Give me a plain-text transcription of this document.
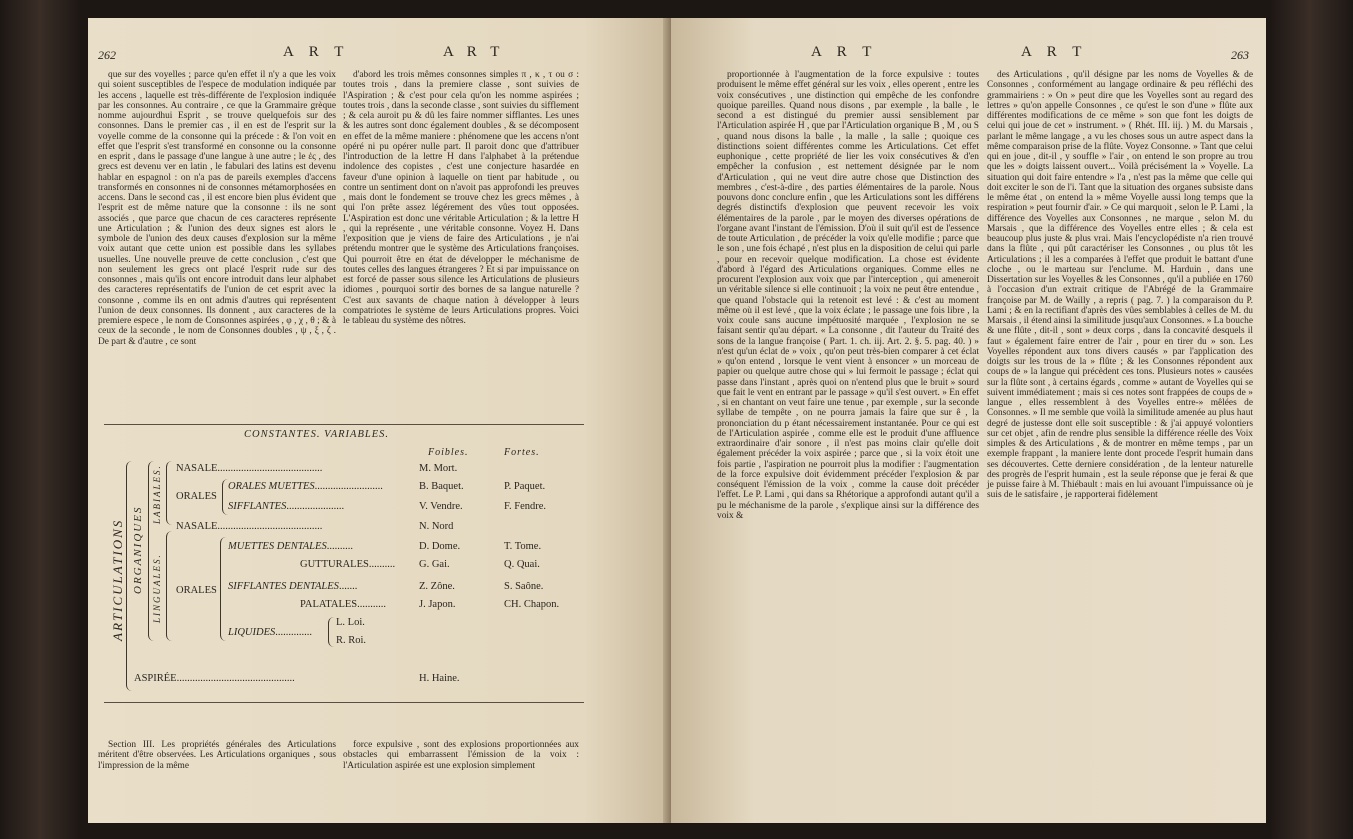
A R T	A R T
262

que sur des voyelles ; parce qu'en effet il n'y a que les voix qui soient susceptibles de l'espece de modulation indiquée par les accens , laquelle est très-différente de l'explosion indiquée par les consonnes. Au contraire , ce que la Grammaire grèque nomme aujourdhui Esprit , se trouve quelquefois sur des consonnes. Dans le premier cas , il en est de l'esprit sur la voyelle comme de la consonne qui la précede : & l'on voit en effet que l'esprit s'est transformé en consonne ou la consonne en esprit , dans le passage d'une langue à une autre ; le ἐς , des grecs est devenu ver en latin , le fabulari des latins est devenu hablar en espagnol : on n'a pas de pareils exemples d'accens transformés en consonnes ni de consonnes métamorphosées en accens. Dans le second cas , il est encore bien plus évident que l'esprit est de même nature que la consonne : ils ne sont associés , que parce que chacun de ces caracteres représente une Articulation ; & l'union des deux signes est alors le symbole de l'union des deux causes d'explosion sur la même voix autant que cette union est possible dans les syllabes usuelles. Une nouvelle preuve de cette conclusion , c'est que non seulement les grecs ont placé l'esprit rude sur des consonnes , mais qu'ils ont encore introduit dans leur alphabet des caracteres représentatifs de l'union de cet esprit avec la consonne , comme ils en ont admis d'autres qui représentent l'union de deux consonnes. Ils donnent , aux caracteres de la premiere espece , le nom de Consonnes aspirées , φ , χ , θ ; & à ceux de la seconde , le nom de Consonnes doubles , ψ , ξ , ζ . De part & d'autre , ce sont

d'abord les trois mêmes consonnes simples π , κ , τ ou σ : toutes trois , dans la premiere classe , sont suivies de l'Aspiration ; & c'est pour cela qu'on les nomme aspirées ; toutes trois , dans la seconde classe , sont suivies du sifflement ; & cela auroit pu & dû les faire nommer sifflantes. Les unes & les autres sont donc également doubles , & se décomposent en effet de la même maniere : phénomene que les accens n'ont opéré ni pu opérer nulle part. Il paroit donc que d'attribuer l'introduction de la lettre H dans l'alphabet à la prétendue indolence des copistes , c'est une conjecture hasardée en faveur d'une opinion à laquelle on tient par habitude , ou contre un sentiment dont on n'avoit pas approfondi les preuves , mais dont le fondement se trouve chez les grecs mêmes , à qui l'on prête assez légérement des vûes tout opposées. L'Aspiration est donc une véritable Articulation ; & la lettre H , qui la représente , une véritable consonne. Voyez H. Dans l'exposition que je viens de faire des Articulations , je n'ai prétendu montrer que le système des Articulations françoises. Qui pourroit être en état de développer le méchanisme de toutes celles des langues étrangeres ? Et si par impuissance on est forcé de passer sous silence les Articulations de plusieurs idiomes , pourquoi sortir des bornes de sa langue naturelle ? C'est aux savants de chaque nation à développer à leurs compatriotes le système de leurs Articulations propres. Voici le tableau du système des nôtres.

CONSTANTES. VARIABLES.
Foibles.	Fortes.
ARTICULATIONS ORGANIQUES
LABIALES.
LINGUALES.
NASALE........................................	M. Mort.
ORALES
ORALES MUETTES..........................	B. Baquet.	P. Paquet.
SIFFLANTES......................	V. Vendre.	F. Fendre.
NASALE........................................	N. Nord
ORALES
MUETTES DENTALES..........	D. Dome.	T. Tome.
GUTTURALES.......... G. Gai.	Q. Quai.
SIFFLANTES DENTALES.......	Z. Zône.	S. Saône.
PALATALES...........	J. Japon.	CH. Chapon.
LIQUIDES..............
L. Loi.
R. Roi.
ASPIRÉE.............................................	H. Haine.

Section III. Les propriétés générales des Articulations méritent d'être observées. Les Articulations organiques , sous l'impression de la même

force expulsive , sont des explosions proportionnées aux obstacles qui embarrassent l'émission de la voix : l'Articulation aspirée est une explosion simplement

A R T	A R T	263

proportionnée à l'augmentation de la force expulsive : toutes produisent le même effet général sur les voix , elles operent , entre les voix consécutives , une distinction qui empêche de les confondre quoique pareilles. Quand nous disons , par exemple , la balle , le second a est distingué du premier aussi sensiblement par l'Articulation aspirée H , que par l'Articulation organique B , M , ou S , quand nous disons la balle , la malle , la salle ; quoique ces distinctions soient différentes comme les Articulations. Cet effet euphonique , cette propriété de lier les voix consécutives & d'en empêcher la confusion , est nettement désignée par le nom d'Articulation , qui ne veut dire autre chose que Distinction des membres , c'est-à-dire , des parties élémentaires de la parole. Nous pouvons donc conclure enfin , que les Articulations sont les différens degrés distinctifs d'explosion que peuvent recevoir les voix élémentaires de la parole , par le moyen des diverses opérations de l'organe avant l'instant de l'émission. D'où il suit qu'il est de l'essence de toute Articulation , de précéder la voix qu'elle modifie ; parce que le son , une fois échapé , n'est plus en la disposition de celui qui parle , pour en recevoir quelque modification. La chose est évidente d'abord à l'égard des Articulations organiques. Comme elles ne procurent l'explosion aux voix que par l'interception , qui ameneroit un véritable silence si elle continuoit ; la voix ne peut être entendue , que quand l'obstacle qui la retenoit est levé : & c'est au moment même où il est levé , que la voix éclate ; le passage une fois libre , la voix coule sans aucune impétuosité marquée , l'explosion ne se faisant sentir qu'au départ. « La consonne , dit l'auteur du Traité des sons de la langue françoise ( Part. 1. ch. iij. Art. 2. §. 5. pag. 40. ) » n'est qu'un éclat de » voix , qu'on peut très-bien comparer à cet éclat » qu'on entend , lorsque le vent vient à ensoncer » un morceau de papier ou quelque autre chose qui » lui fermoit le passage ; éclat qui passe dans l'instant , après quoi on n'entend plus que le bruit » sourd que fait le vent en entrant par le passage » qu'il s'est ouvert. » En effet , si en chantant on veut faire une tenue , par exemple , sur la seconde syllabe de tempête , on ne pourra jamais la faire que sur ê , la prononciation du p étant nécessairement instantanée. Pour ce qui est de l'Articulation aspirée , comme elle est le produit d'une affluence extraordinaire d'air sonore , il n'est pas moins clair qu'elle doit également précéder la voix aspirée ; parce que , si la voix étoit une fois partie , l'aspiration ne pourroit plus la modifier : l'augmentation de la force expulsive doit évidemment précéder l'explosion & par conséquent l'émission de la voix , comme la cause doit précéder l'effet. Le P. Lami , qui dans sa Rhétorique a approfondi autant qu'il a pu le méchanisme de la parole , s'explique ainsi sur la différence des voix &

des Articulations , qu'il désigne par les noms de Voyelles & de Consonnes , conformément au langage ordinaire & peu réfléchi des grammairiens : » On » peut dire que les Voyelles sont au regard des lettres » qu'on appelle Consonnes , ce qu'est le son d'une » flûte aux différentes modifications de ce même » son que font les doigts de celui qui joue de cet » instrument. » ( Rhét. III. iij. ) M. du Marsais , parlant le même langage , a vu les choses sous un autre aspect dans la même comparaison prise de la flûte. Voyez Consonne. » Tant que celui qui en joue , dit-il , y souffle » l'air , on entend le son propre au trou que les » doigts laissent ouvert... Voilà précisément la » Voyelle. La situation qui doit faire entendre » l'a , n'est pas la même que celle qui doit exciter le son de l'i. Tant que la situation des organes subsiste dans le même état , on entend la » même Voyelle aussi long temps que la respiration » peut fournir d'air. » Ce qui marquoit , selon le P. Lami , la différence des Voyelles aux Consonnes , ne marque , selon M. du Marsais , que la différence des Voyelles entre elles ; & cela est beaucoup plus juste & plus vrai. Mais l'encyclopédiste n'a rien trouvé dans la flûte , qui pût caractériser les Consonnes , ou plus tôt les Articulations ; il les a comparées à l'effet que produit le battant d'une cloche , ou le marteau sur l'enclume. M. Harduin , dans une Dissertation sur les Voyelles & les Consonnes , qu'il a publiée en 1760 à l'occasion d'un extrait critique de l'Abrégé de la Grammaire françoise par M. de Wailly , a repris ( pag. 7. ) la comparaison du P. Lami ; & en la rectifiant d'après des vûes semblables à celles de M. du Marsais , il étend ainsi la similitude jusqu'aux Consonnes. » La bouche & une flûte , dit-il , sont » deux corps , dans la concavité desquels il faut » également faire entrer de l'air , pour en tirer du » son. Les Voyelles répondent aux tons divers causés » par l'application des doigts sur les trous de la » flûte ; & les Consonnes répondent aux coups de » la langue qui précèdent ces tons. Plusieurs notes » causées sur la flûte sont , à certains égards , comme » autant de Voyelles qui se suivent immédiatement ; mais si ces notes sont frappées de coups de » langue , elles ressemblent à des Voyelles entre-» mêlées de Consonnes. » Il me semble que voilà la similitude amenée au plus haut degré de justesse dont elle soit susceptible : & j'ai appuyé volontiers sur cet objet , afin de rendre plus sensible la différence réelle des Voix simples & des Articulations , & de montrer en même temps , par un exemple frappant , la maniere lente dont procede l'esprit humain dans ses découvertes. Cette derniere considération , de la lenteur naturelle des progrès de l'esprit humain , est la seule réponse que je ferai & que je puisse faire à M. Thiébault : mais en lui avouant l'impuissance où je suis de le satisfaire , je rapporterai fidèlement
